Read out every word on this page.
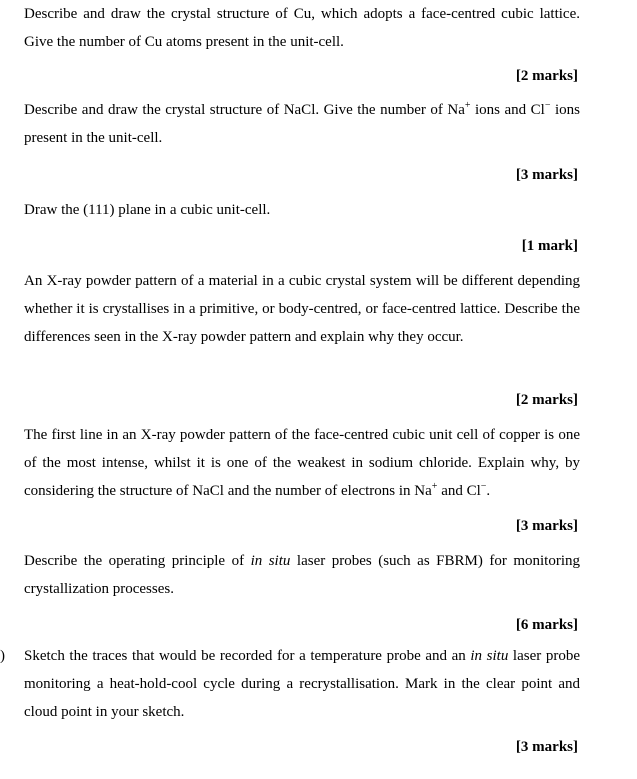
Describe and draw the crystal structure of Cu, which adopts a face-centred cubic lattice. Give the number of Cu atoms present in the unit-cell.

[2 marks]

Describe and draw the crystal structure of NaCl. Give the number of Na+ ions and Cl− ions present in the unit-cell.

[3 marks]

Draw the (111) plane in a cubic unit-cell.

[1 mark]

An X-ray powder pattern of a material in a cubic crystal system will be different depending whether it is crystallises in a primitive, or body-centred, or face-centred lattice. Describe the differences seen in the X-ray powder pattern and explain why they occur.

[2 marks]

The first line in an X-ray powder pattern of the face-centred cubic unit cell of copper is one of the most intense, whilst it is one of the weakest in sodium chloride. Explain why, by considering the structure of NaCl and the number of electrons in Na+ and Cl−.

[3 marks]

Describe the operating principle of in situ laser probes (such as FBRM) for monitoring crystallization processes.

[6 marks]
) Sketch the traces that would be recorded for a temperature probe and an in situ laser probe monitoring a heat-hold-cool cycle during a recrystallisation. Mark in the clear point and cloud point in your sketch.

[3 marks]
